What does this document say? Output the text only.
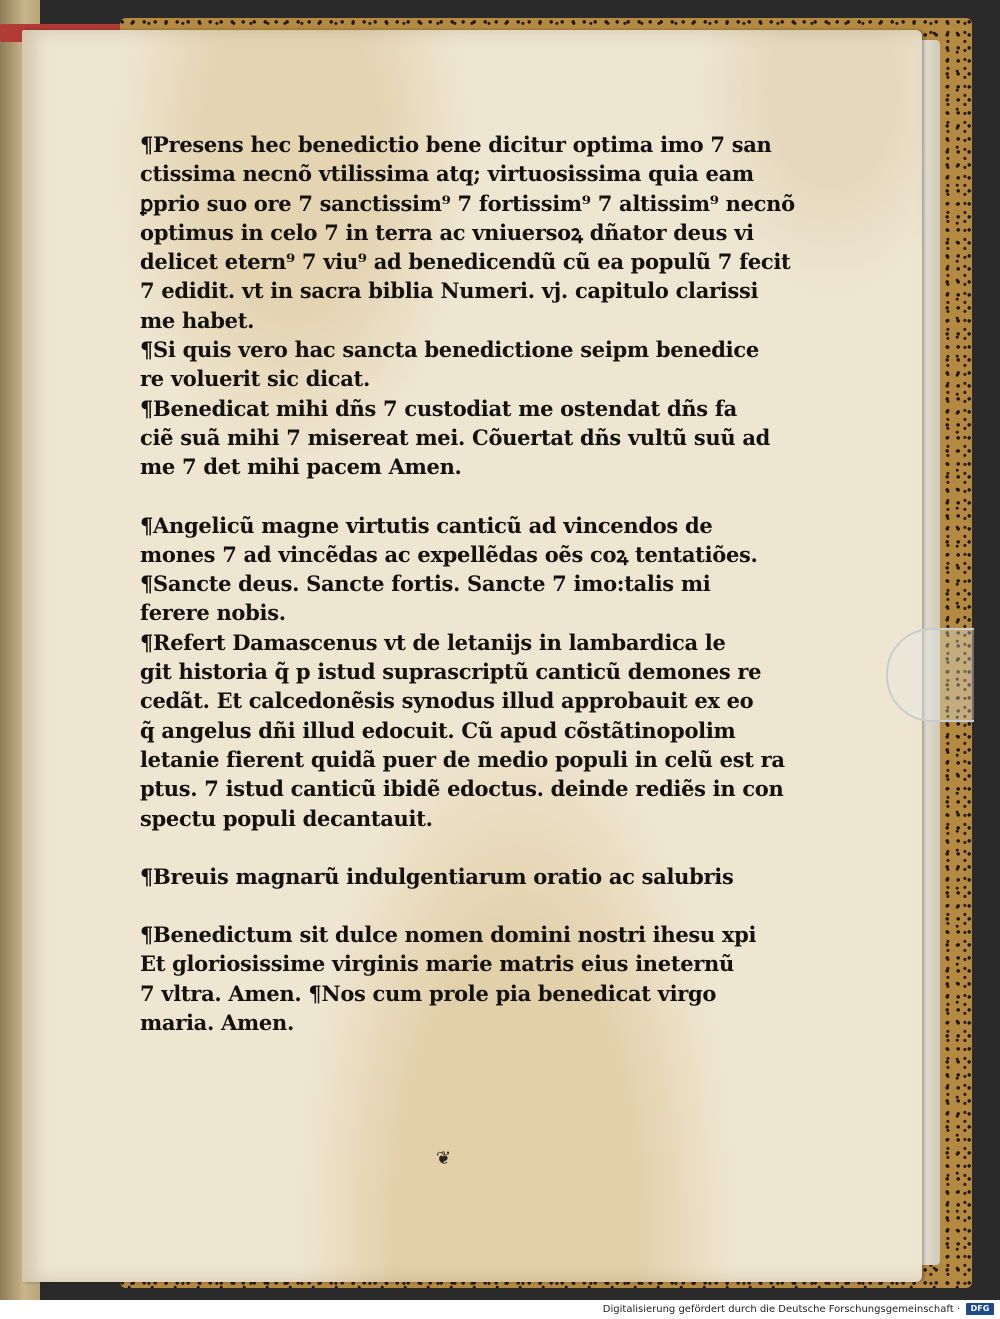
¶Presens hec benedictio bene dicitur optima imo 7 san
ctissima necnõ vtilissima atq; virtuosissima quia eam
ꝑprio suo ore 7 sanctissim⁹ 7 fortissim⁹ 7 altissim⁹ necnõ
optimus in celo 7 in terra ac vniuersoꝝ dñator deus vi
delicet etern⁹ 7 viu⁹ ad benedicendũ cũ ea populũ 7 fecit
7 edidit. vt in sacra biblia Numeri. vj. capitulo clarissi
me habet.
¶Si quis vero hac sancta benedictione seipm benedice
re voluerit sic dicat.
¶Benedicat mihi dñs 7 custodiat me ostendat dñs fa
ciẽ suã mihi 7 misereat mei. Cõuertat dñs vultũ suũ ad
me 7 det mihi pacem Amen.
¶Angelicũ magne virtutis canticũ ad vincendos de
mones 7 ad vincẽdas ac expellẽdas oẽs coꝝ tentatiões.
¶Sancte deus. Sancte fortis. Sancte 7 imo:talis mi
ferere nobis.
¶Refert Damascenus vt de letanijs in lambardica le
git historia q̃ p istud suprascriptũ canticũ demones re
cedãt. Et calcedonẽsis synodus illud approbauit ex eo
q̃ angelus dñi illud edocuit. Cũ apud cõstãtinopolim
letanie fierent quidã puer de medio populi in celũ est ra
ptus. 7 istud canticũ ibidẽ edoctus. deinde rediẽs in con
spectu populi decantauit.
¶Breuis magnarũ indulgentiarum oratio ac salubris
¶Benedictum sit dulce nomen domini nostri ihesu xpi
Et gloriosissime virginis marie matris eius ineternũ
7 vltra. Amen. ¶Nos cum prole pia benedicat virgo
maria. Amen.
❦
Digitalisierung gefördert durch die Deutsche Forschungsgemeinschaft ·	DFG
